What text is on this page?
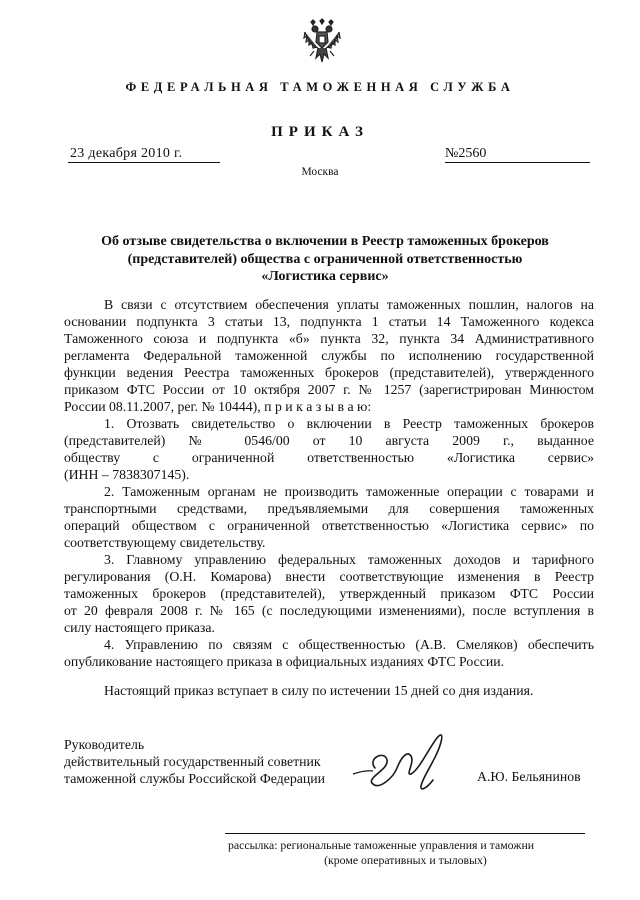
ФЕДЕРАЛЬНАЯ ТАМОЖЕННАЯ СЛУЖБА
ПРИКАЗ
23 декабря 2010 г.	№2560
Москва
Об отзыве свидетельства о включении в Реестр таможенных брокеров
(представителей) общества с ограниченной ответственностью
«Логистика сервис»
В связи с отсутствием обеспечения уплаты таможенных пошлин, налогов на
основании подпункта 3 статьи 13, подпункта 1 статьи 14 Таможенного кодекса
Таможенного союза и подпункта «б» пункта 32, пункта 34 Административного
регламента Федеральной таможенной службы по исполнению государственной
функции ведения Реестра таможенных брокеров (представителей), утвержденного
приказом ФТС России от 10 октября 2007 г. № 1257 (зарегистрирован Минюстом
России 08.11.2007, рег. № 10444), п р и к а з ы в а ю:
1. Отозвать свидетельство о включении в Реестр таможенных брокеров
(представителей) № 0546/00 от 10 августа 2009 г., выданное
обществу с ограниченной ответственностью «Логистика сервис»
(ИНН – 7838307145).
2. Таможенным органам не производить таможенные операции с товарами и
транспортными средствами, предъявляемыми для совершения таможенных
операций обществом с ограниченной ответственностью «Логистика сервис» по
соответствующему свидетельству.
3. Главному управлению федеральных таможенных доходов и тарифного
регулирования (О.Н. Комарова) внести соответствующие изменения в Реестр
таможенных брокеров (представителей), утвержденный приказом ФТС России
от 20 февраля 2008 г. № 165 (с последующими изменениями), после вступления в
силу настоящего приказа.
4. Управлению по связям с общественностью (А.В. Смеляков) обеспечить
опубликование настоящего приказа в официальных изданиях ФТС России.
Настоящий приказ вступает в силу по истечении 15 дней со дня издания.
Руководитель
действительный государственный советник
таможенной службы Российской Федерации	А.Ю. Бельянинов
рассылка: региональные таможенные управления и таможни
(кроме оперативных и тыловых)
